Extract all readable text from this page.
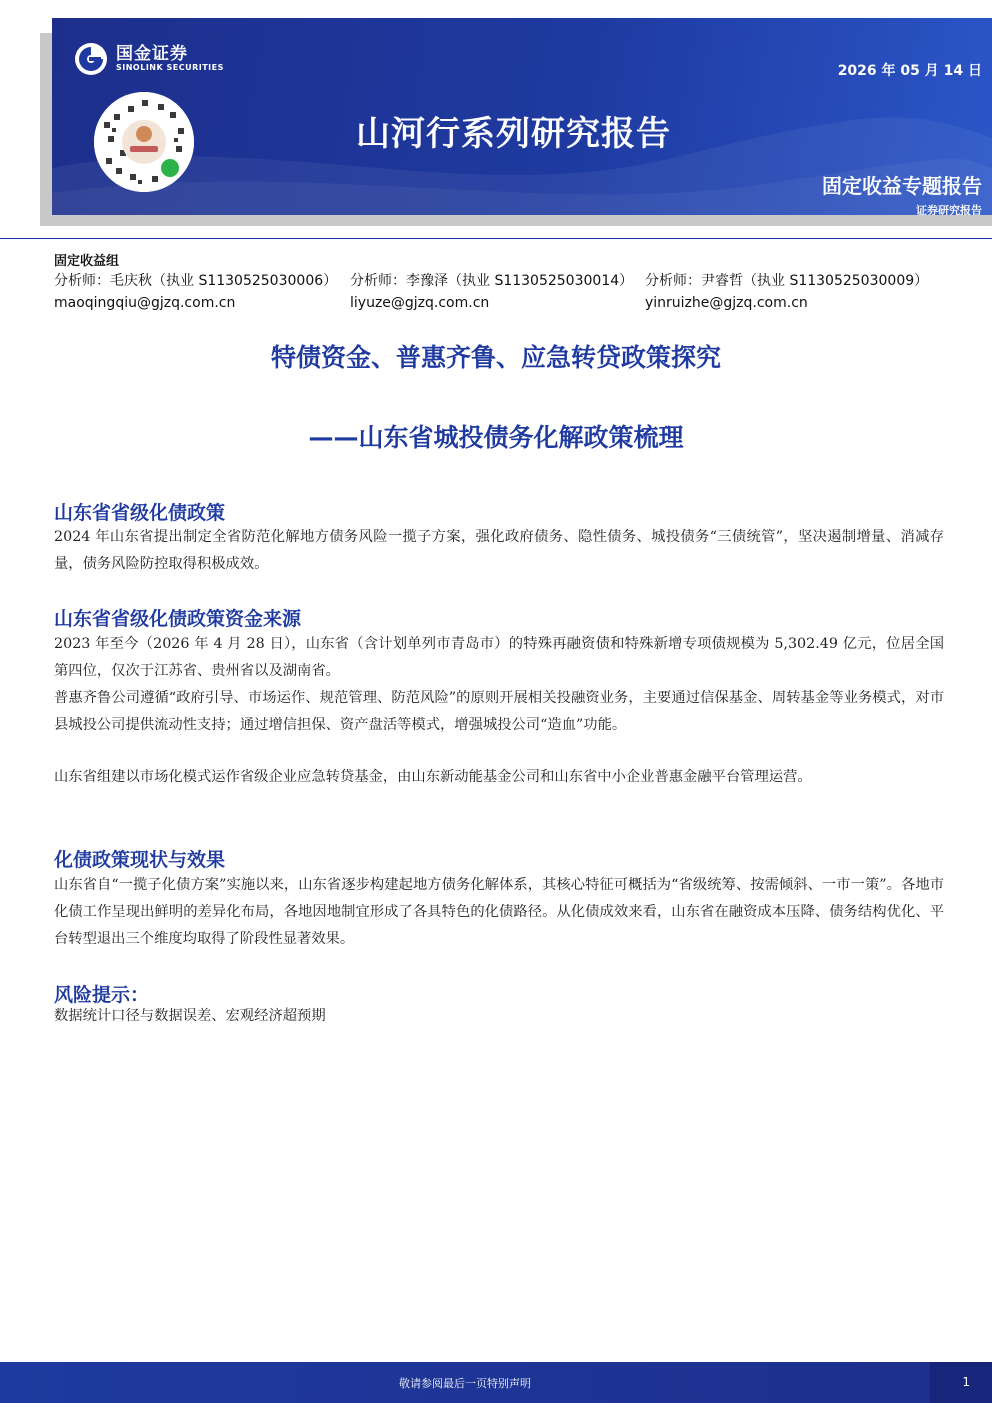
国金证券
SINOLINK SECURITIES	2026 年 05 月 14 日
山河行系列研究报告
固定收益专题报告
证券研究报告
固定收益组
分析师：毛庆秋（执业 S1130525030006）
maoqingqiu@gjzq.com.cn
分析师：李豫泽（执业 S1130525030014）
liyuze@gjzq.com.cn
分析师：尹睿哲（执业 S1130525030009）
yinruizhe@gjzq.com.cn
特债资金、普惠齐鲁、应急转贷政策探究
——山东省城投债务化解政策梳理
山东省省级化债政策

2024 年山东省提出制定全省防范化解地方债务风险一揽子方案，强化政府债务、隐性债务、城投债务“三债统管”，坚决遏制增量、消减存量，债务风险防控取得积极成效。

山东省省级化债政策资金来源

2023 年至今（2026 年 4 月 28 日），山东省（含计划单列市青岛市）的特殊再融资债和特殊新增专项债规模为 5,302.49 亿元，位居全国第四位，仅次于江苏省、贵州省以及湖南省。

普惠齐鲁公司遵循“政府引导、市场运作、规范管理、防范风险”的原则开展相关投融资业务，主要通过信保基金、周转基金等业务模式，对市县城投公司提供流动性支持；通过增信担保、资产盘活等模式，增强城投公司“造血”功能。

山东省组建以市场化模式运作省级企业应急转贷基金，由山东新动能基金公司和山东省中小企业普惠金融平台管理运营。

化债政策现状与效果

山东省自“一揽子化债方案”实施以来，山东省逐步构建起地方债务化解体系，其核心特征可概括为“省级统筹、按需倾斜、一市一策”。各地市化债工作呈现出鲜明的差异化布局，各地因地制宜形成了各具特色的化债路径。从化债成效来看，山东省在融资成本压降、债务结构优化、平台转型退出三个维度均取得了阶段性显著效果。

风险提示：

数据统计口径与数据误差、宏观经济超预期

敬请参阅最后一页特别声明	1
